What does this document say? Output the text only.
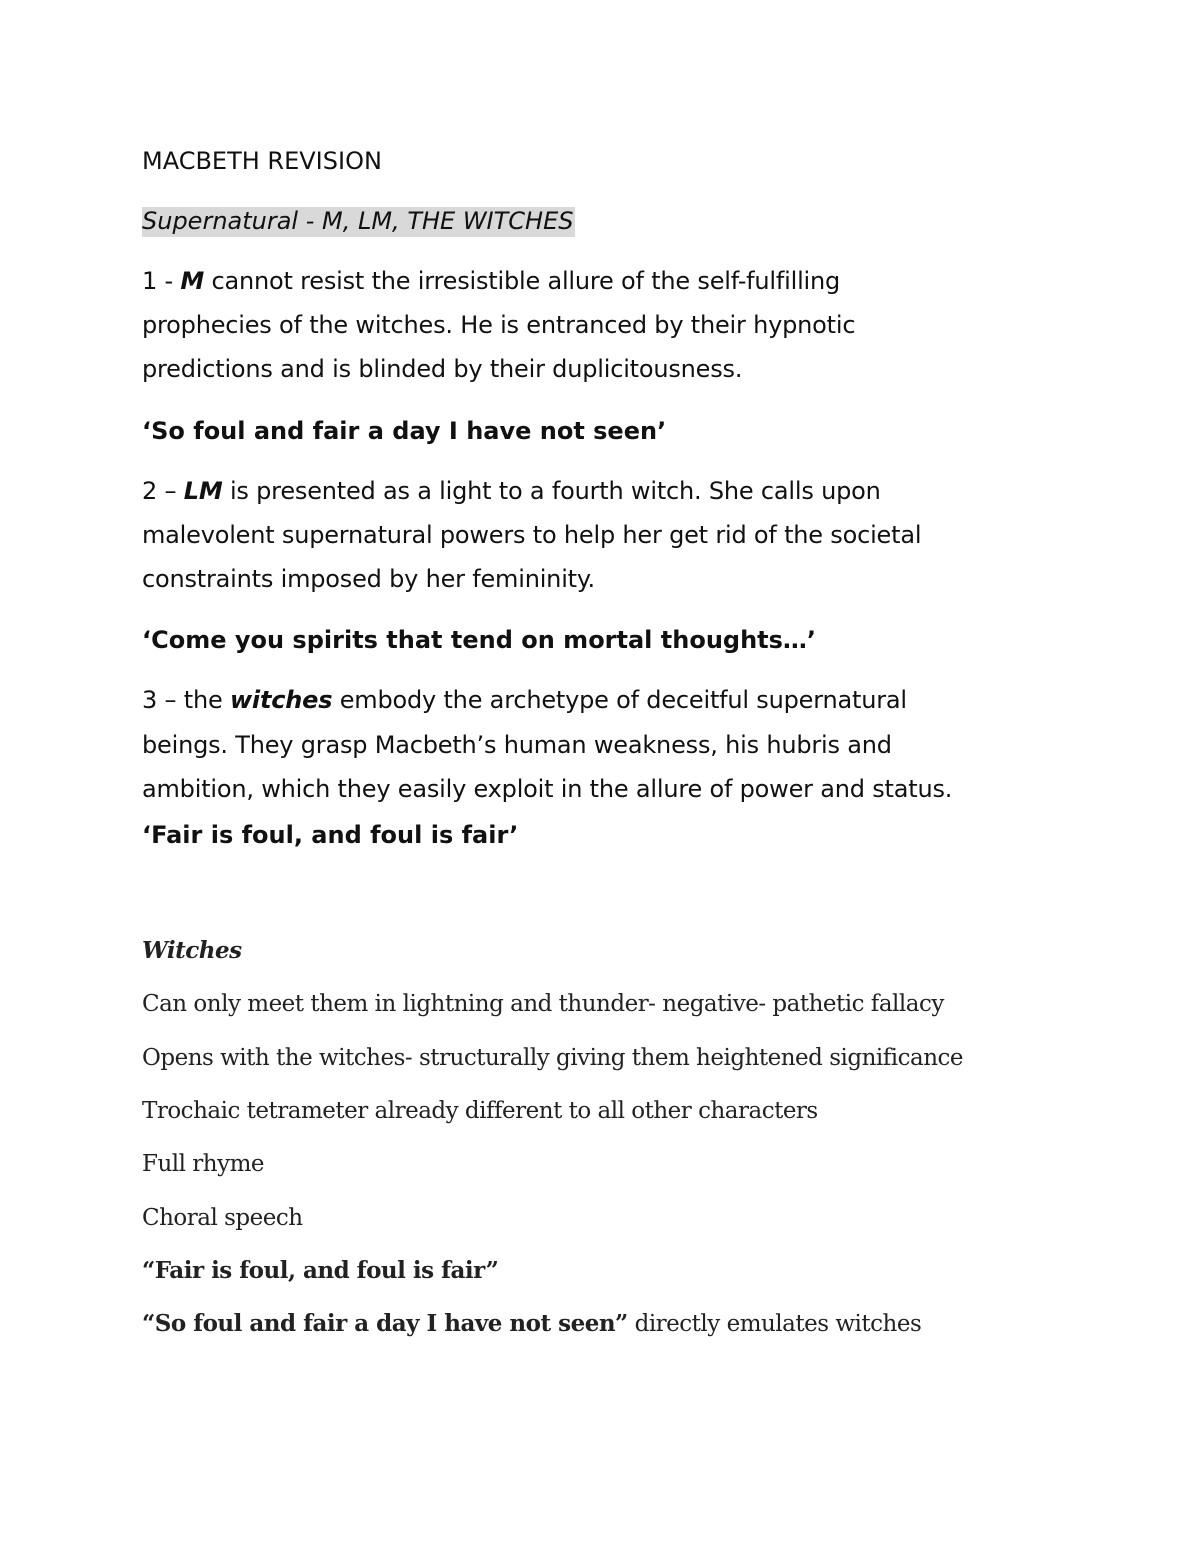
MACBETH REVISION
Supernatural - M, LM, THE WITCHES
1 - M cannot resist the irresistible allure of the self-fulfilling
prophecies of the witches. He is entranced by their hypnotic
predictions and is blinded by their duplicitousness.
‘So foul and fair a day I have not seen’
2 – LM is presented as a light to a fourth witch. She calls upon
malevolent supernatural powers to help her get rid of the societal
constraints imposed by her femininity.
‘Come you spirits that tend on mortal thoughts…’
3 – the witches embody the archetype of deceitful supernatural
beings. They grasp Macbeth’s human weakness, his hubris and
ambition, which they easily exploit in the allure of power and status.
‘Fair is foul, and foul is fair’
Witches
Can only meet them in lightning and thunder- negative- pathetic fallacy
Opens with the witches- structurally giving them heightened significance
Trochaic tetrameter already different to all other characters
Full rhyme
Choral speech
“Fair is foul, and foul is fair”
“So foul and fair a day I have not seen” directly emulates witches
